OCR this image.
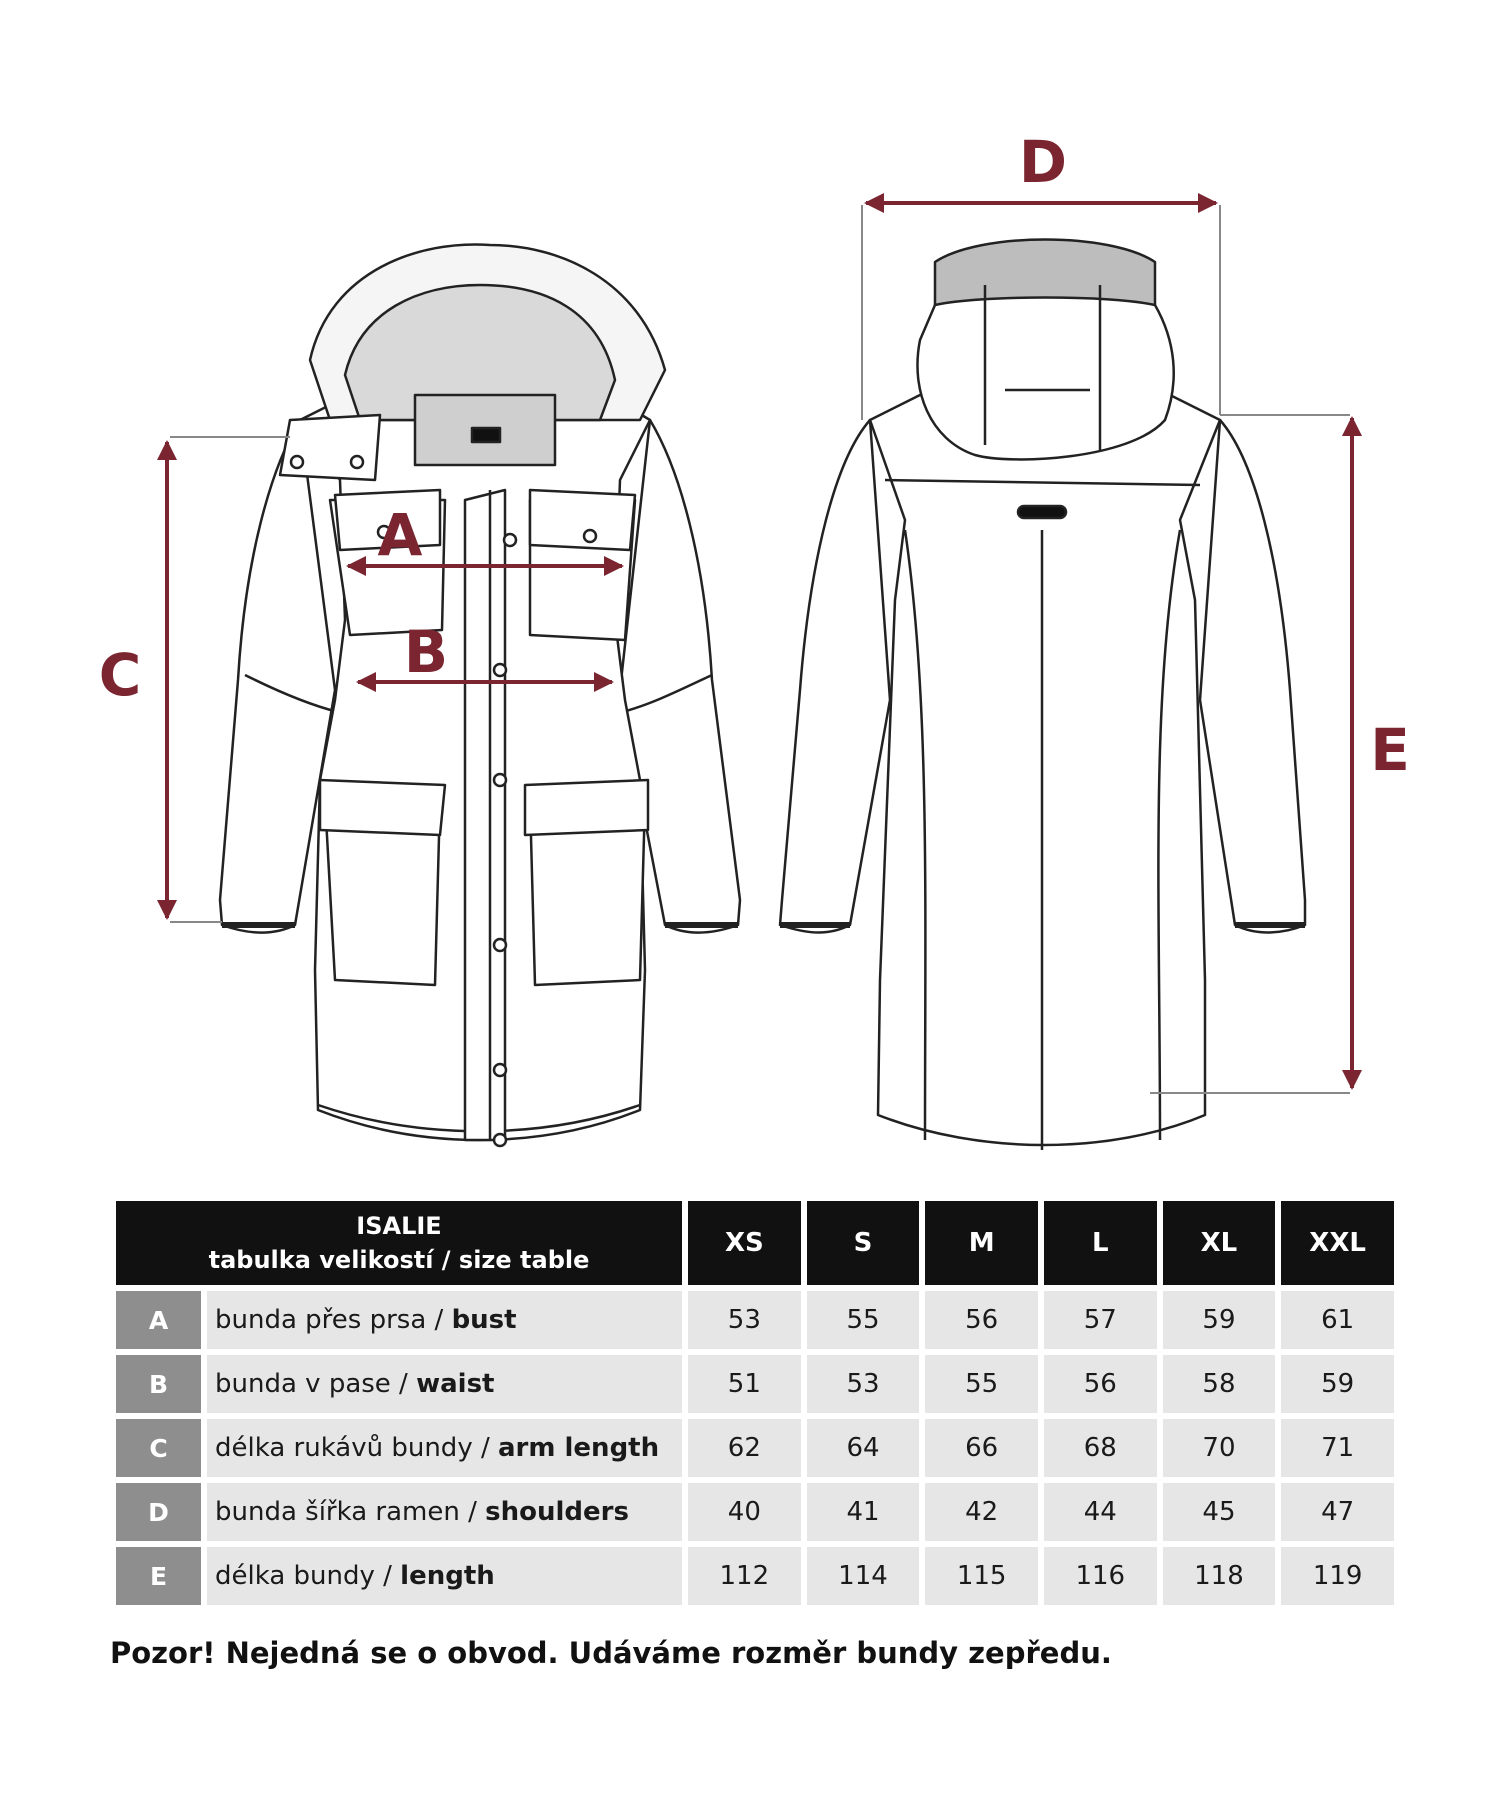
A
B
C
D
E
ISALIE
tabulka velikostí / size table		XS	S	M	L	XL	XXL
A	bunda přes prsa / bust	53	55	56	57	59	61
B	bunda v pase / waist	51	53	55	56	58	59
C	délka rukávů bundy / arm length	62	64	66	68	70	71
D	bunda šířka ramen / shoulders	40	41	42	44	45	47
E	délka bundy / length	112	114	115	116	118	119
Pozor! Nejedná se o obvod. Udáváme rozměr bundy zepředu.
